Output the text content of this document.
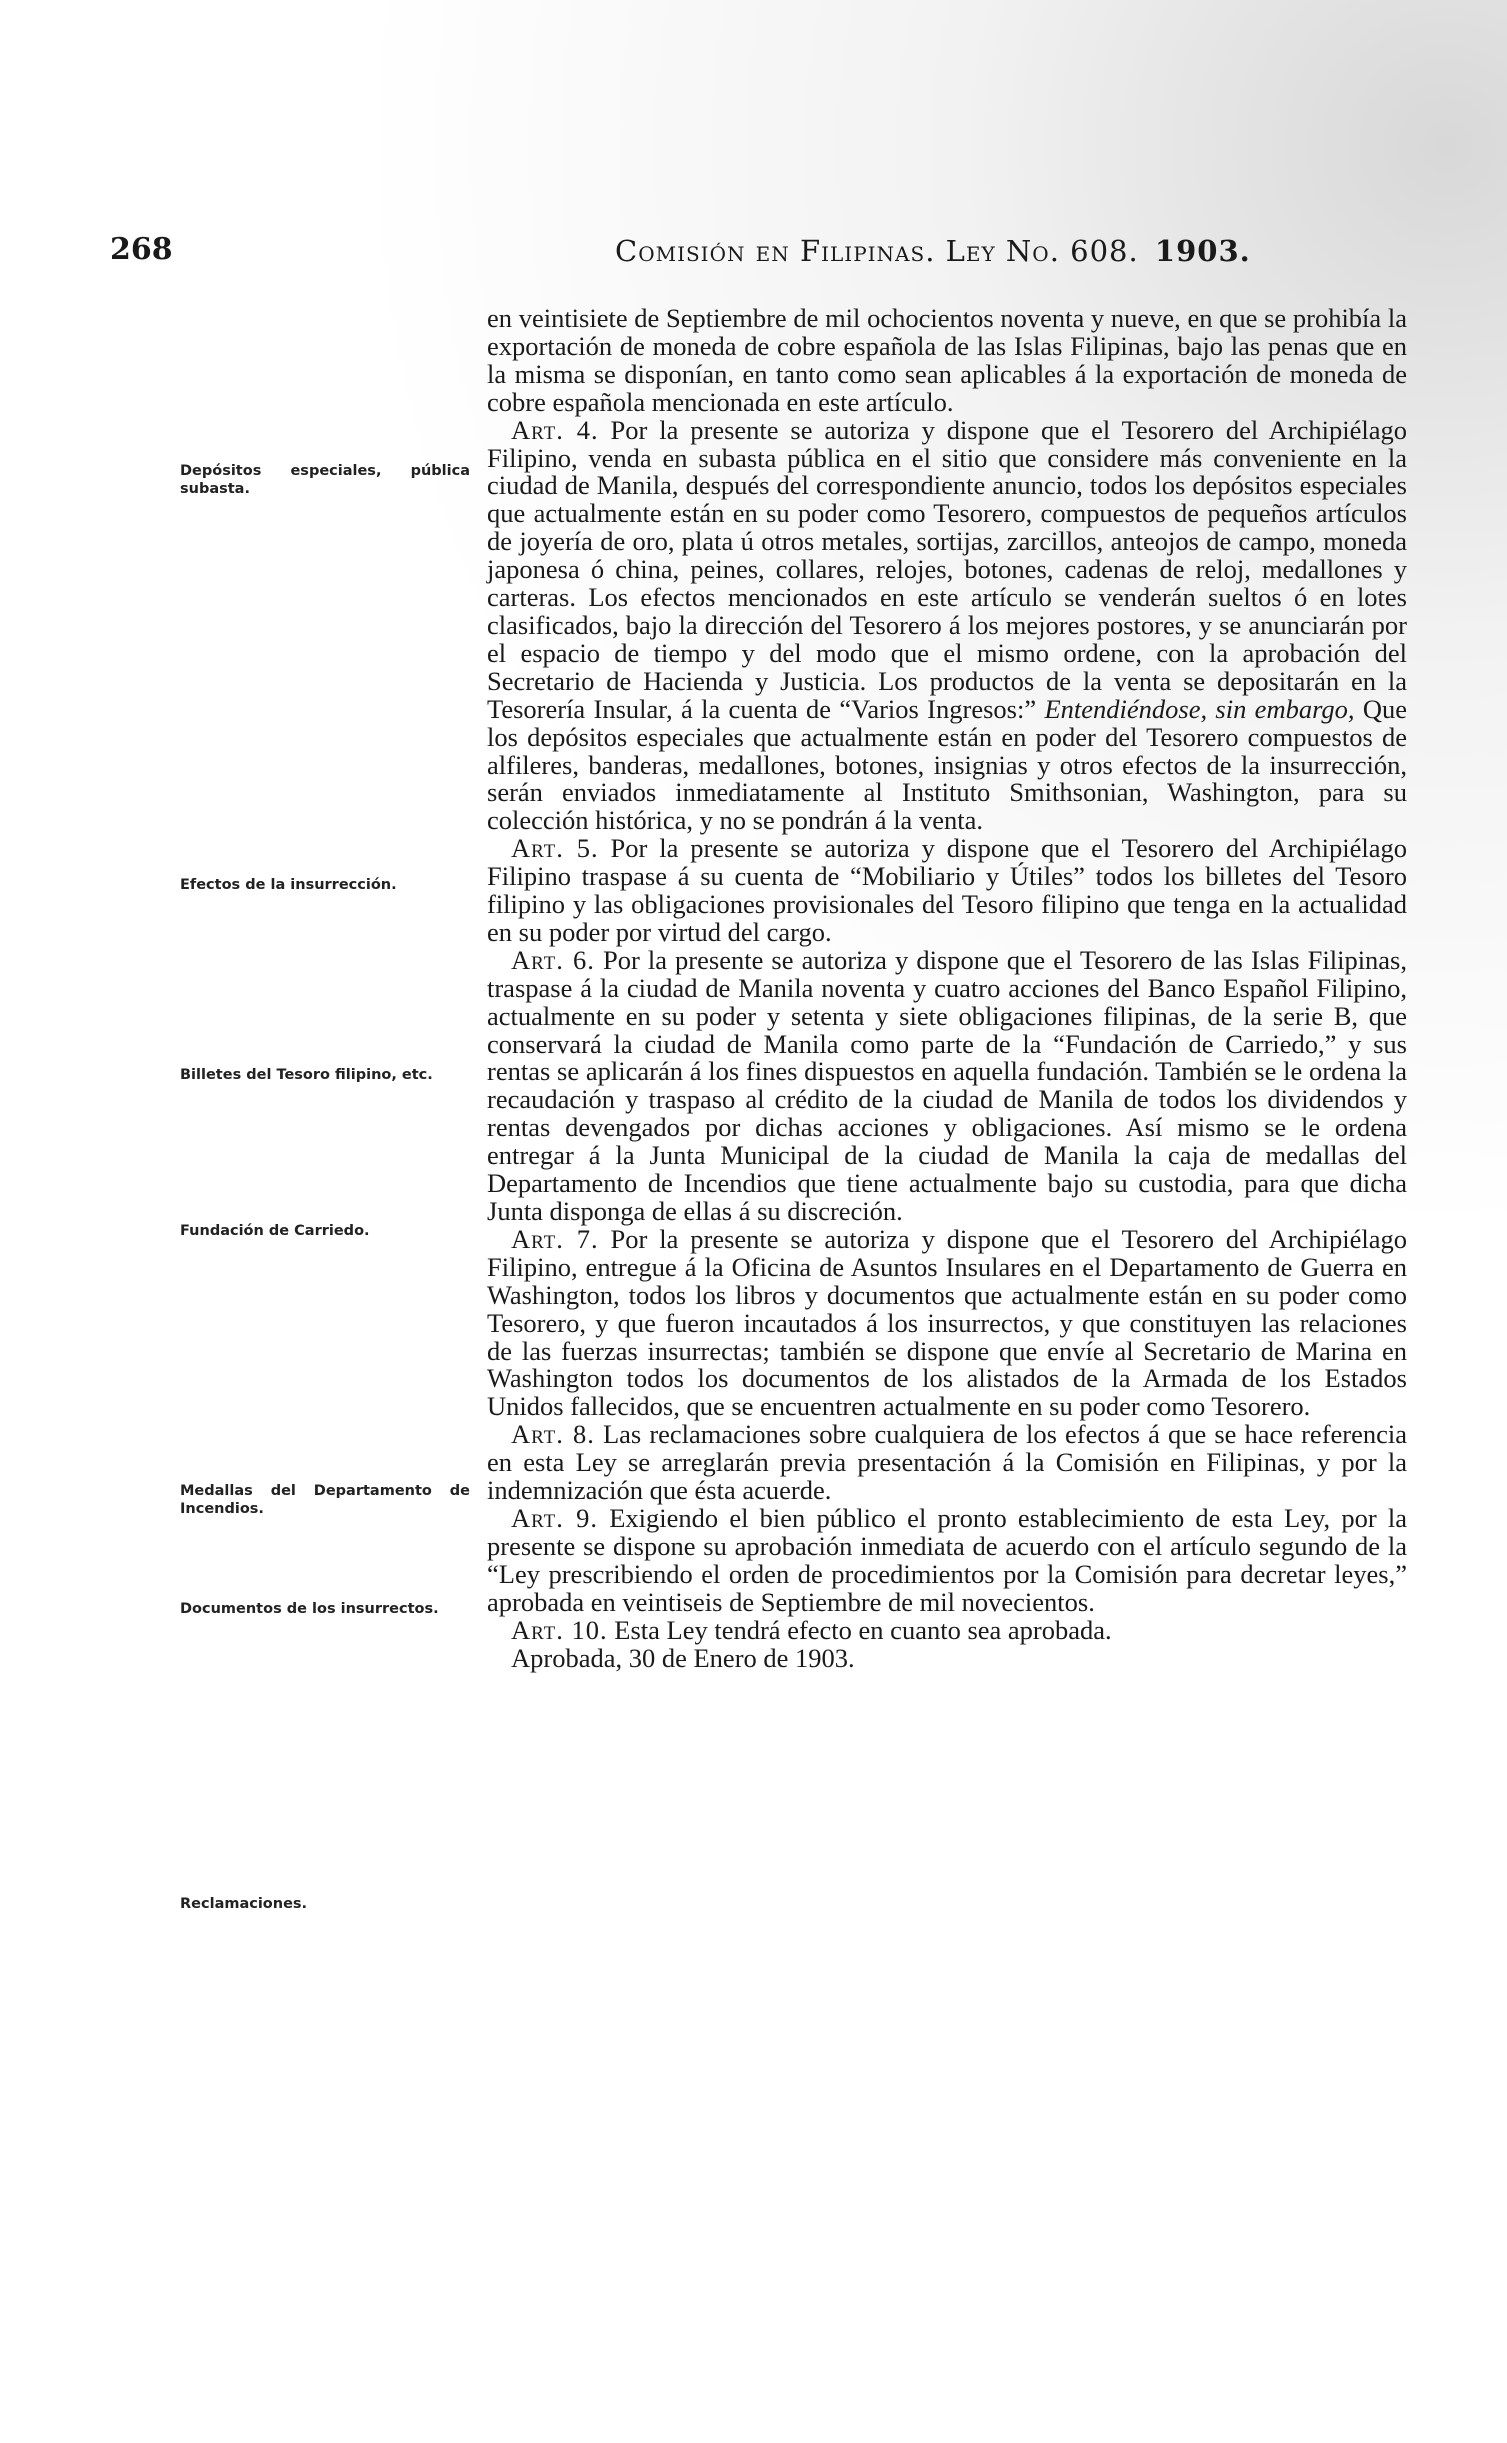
268	Comisión en Filipinas. Ley No. 608. 1903.
Depósitos especiales, pública subasta.
Efectos de la insurrección.
Billetes del Tesoro filipino, etc.
Fundación de Carriedo.
Medallas del Departamento de Incendios.
Documentos de los insurrectos.
Reclamaciones.

en veintisiete de Septiembre de mil ochocientos noventa y nueve, en que se prohibía la exportación de moneda de cobre española de las Islas Filipinas, bajo las penas que en la misma se disponían, en tanto como sean aplicables á la exportación de moneda de cobre española mencionada en este artículo.

Art. 4. Por la presente se autoriza y dispone que el Tesorero del Archipiélago Filipino, venda en subasta pública en el sitio que considere más conveniente en la ciudad de Manila, después del correspondiente anuncio, todos los depósitos especiales que actualmente están en su poder como Tesorero, compuestos de pequeños artículos de joyería de oro, plata ú otros metales, sortijas, zarcillos, anteojos de campo, moneda japonesa ó china, peines, collares, relojes, botones, cadenas de reloj, medallones y carteras. Los efectos mencionados en este artículo se venderán sueltos ó en lotes clasificados, bajo la dirección del Tesorero á los mejores postores, y se anunciarán por el espacio de tiempo y del modo que el mismo ordene, con la aprobación del Secretario de Hacienda y Justicia. Los productos de la venta se depositarán en la Tesorería Insular, á la cuenta de “Varios Ingresos:” Entendiéndose, sin embargo, Que los depósitos especiales que actualmente están en poder del Tesorero compuestos de alfileres, banderas, medallones, botones, insignias y otros efectos de la insurrección, serán enviados inmediatamente al Instituto Smithsonian, Washington, para su colección histórica, y no se pondrán á la venta.

Art. 5. Por la presente se autoriza y dispone que el Tesorero del Archipiélago Filipino traspase á su cuenta de “Mobiliario y Útiles” todos los billetes del Tesoro filipino y las obligaciones provisionales del Tesoro filipino que tenga en la actualidad en su poder por virtud del cargo.

Art. 6. Por la presente se autoriza y dispone que el Tesorero de las Islas Filipinas, traspase á la ciudad de Manila noventa y cuatro acciones del Banco Español Filipino, actualmente en su poder y setenta y siete obligaciones filipinas, de la serie B, que conservará la ciudad de Manila como parte de la “Fundación de Carriedo,” y sus rentas se aplicarán á los fines dispuestos en aquella fundación. También se le ordena la recaudación y traspaso al crédito de la ciudad de Manila de todos los dividendos y rentas devengados por dichas acciones y obligaciones. Así mismo se le ordena entregar á la Junta Municipal de la ciudad de Manila la caja de medallas del Departamento de Incendios que tiene actualmente bajo su custodia, para que dicha Junta disponga de ellas á su discreción.

Art. 7. Por la presente se autoriza y dispone que el Tesorero del Archipiélago Filipino, entregue á la Oficina de Asuntos Insulares en el Departamento de Guerra en Washington, todos los libros y documentos que actualmente están en su poder como Tesorero, y que fueron incautados á los insurrectos, y que constituyen las relaciones de las fuerzas insurrectas; también se dispone que envíe al Secretario de Marina en Washington todos los documentos de los alistados de la Armada de los Estados Unidos fallecidos, que se encuentren actualmente en su poder como Tesorero.

Art. 8. Las reclamaciones sobre cualquiera de los efectos á que se hace referencia en esta Ley se arreglarán previa presentación á la Comisión en Filipinas, y por la indemnización que ésta acuerde.

Art. 9. Exigiendo el bien público el pronto establecimiento de esta Ley, por la presente se dispone su aprobación inmediata de acuerdo con el artículo segundo de la “Ley prescribiendo el orden de procedimientos por la Comisión para decretar leyes,” aprobada en veintiseis de Septiembre de mil novecientos.

Art. 10. Esta Ley tendrá efecto en cuanto sea aprobada.

Aprobada, 30 de Enero de 1903.
